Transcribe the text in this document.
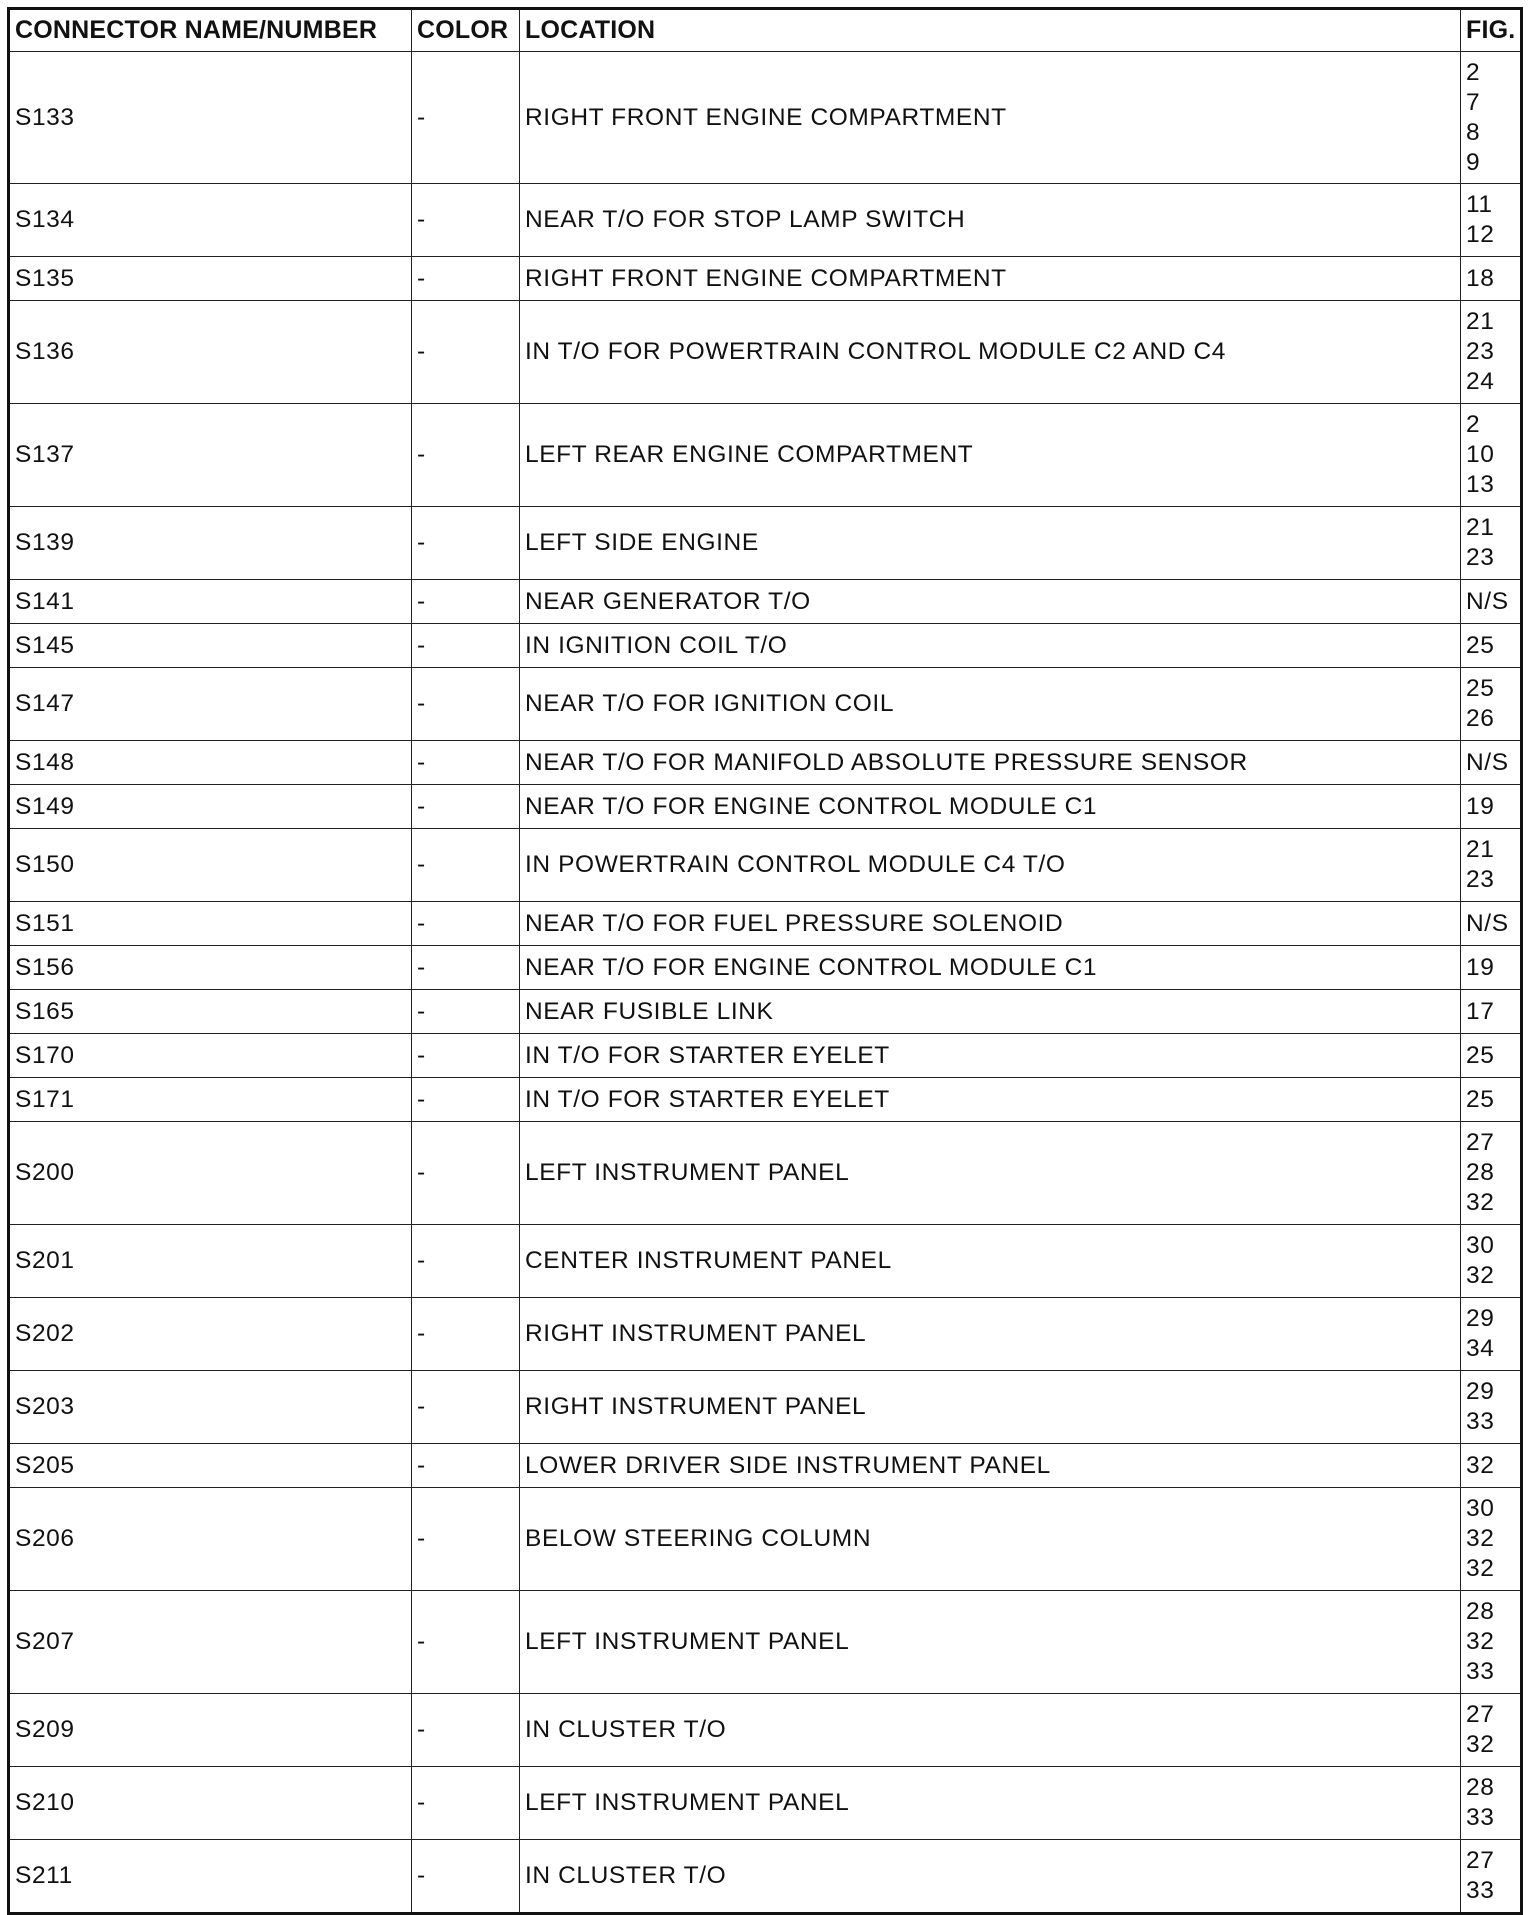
CONNECTOR NAME/NUMBER	COLOR	LOCATION	FIG.
S133	-	RIGHT FRONT ENGINE COMPARTMENT	2
7
8
9

S134	-	NEAR T/O FOR STOP LAMP SWITCH	11
12

S135	-	RIGHT FRONT ENGINE COMPARTMENT	18

S136	-	IN T/O FOR POWERTRAIN CONTROL MODULE C2 AND C4	21
23
24

S137	-	LEFT REAR ENGINE COMPARTMENT	2
10
13

S139	-	LEFT SIDE ENGINE	21
23

S141	-	NEAR GENERATOR T/O	N/S

S145	-	IN IGNITION COIL T/O	25

S147	-	NEAR T/O FOR IGNITION COIL	25
26

S148	-	NEAR T/O FOR MANIFOLD ABSOLUTE PRESSURE SENSOR	N/S

S149	-	NEAR T/O FOR ENGINE CONTROL MODULE C1	19

S150	-	IN POWERTRAIN CONTROL MODULE C4 T/O	21
23

S151	-	NEAR T/O FOR FUEL PRESSURE SOLENOID	N/S

S156	-	NEAR T/O FOR ENGINE CONTROL MODULE C1	19

S165	-	NEAR FUSIBLE LINK	17

S170	-	IN T/O FOR STARTER EYELET	25

S171	-	IN T/O FOR STARTER EYELET	25

S200	-	LEFT INSTRUMENT PANEL	27
28
32

S201	-	CENTER INSTRUMENT PANEL	30
32

S202	-	RIGHT INSTRUMENT PANEL	29
34

S203	-	RIGHT INSTRUMENT PANEL	29
33

S205	-	LOWER DRIVER SIDE INSTRUMENT PANEL	32

S206	-	BELOW STEERING COLUMN	30
32
32

S207	-	LEFT INSTRUMENT PANEL	28
32
33

S209	-	IN CLUSTER T/O	27
32

S210	-	LEFT INSTRUMENT PANEL	28
33

S211	-	IN CLUSTER T/O	27
33
